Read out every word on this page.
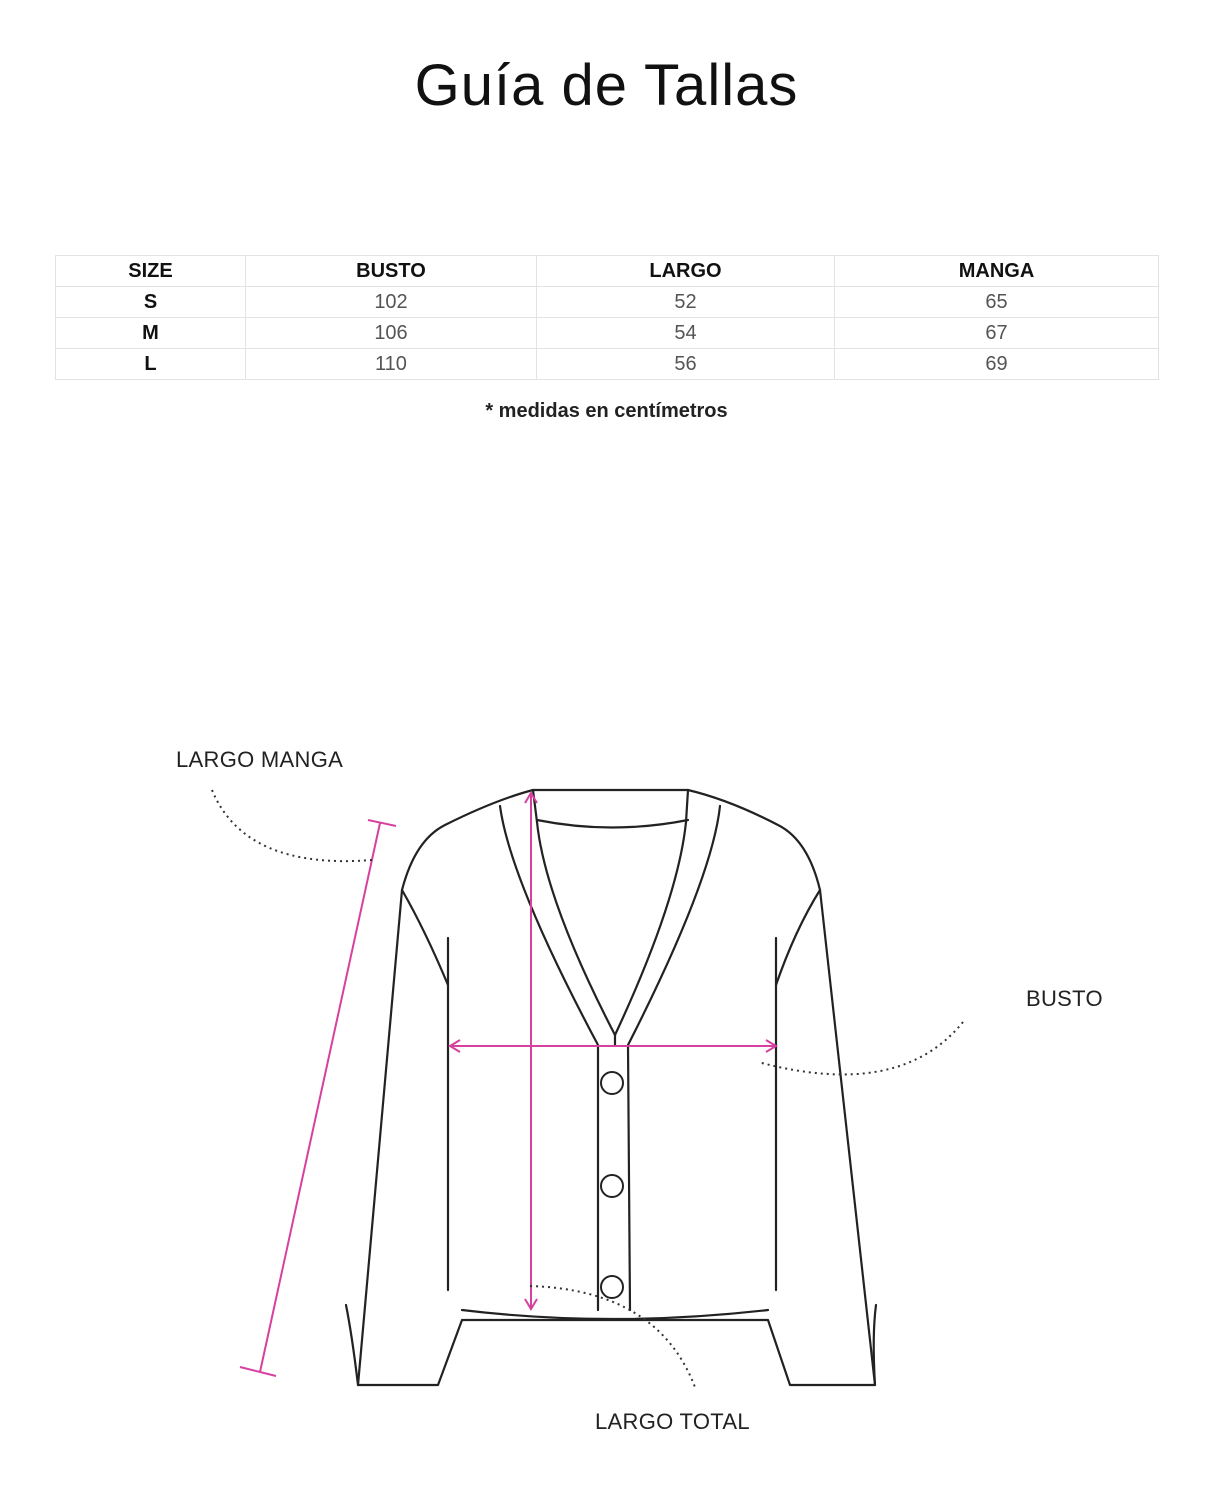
Guía de Tallas
SIZE	BUSTO	LARGO	MANGA
S	102	52	65
M	106	54	67
L	110	56	69
* medidas en centímetros
LARGO MANGA
BUSTO
LARGO TOTAL
